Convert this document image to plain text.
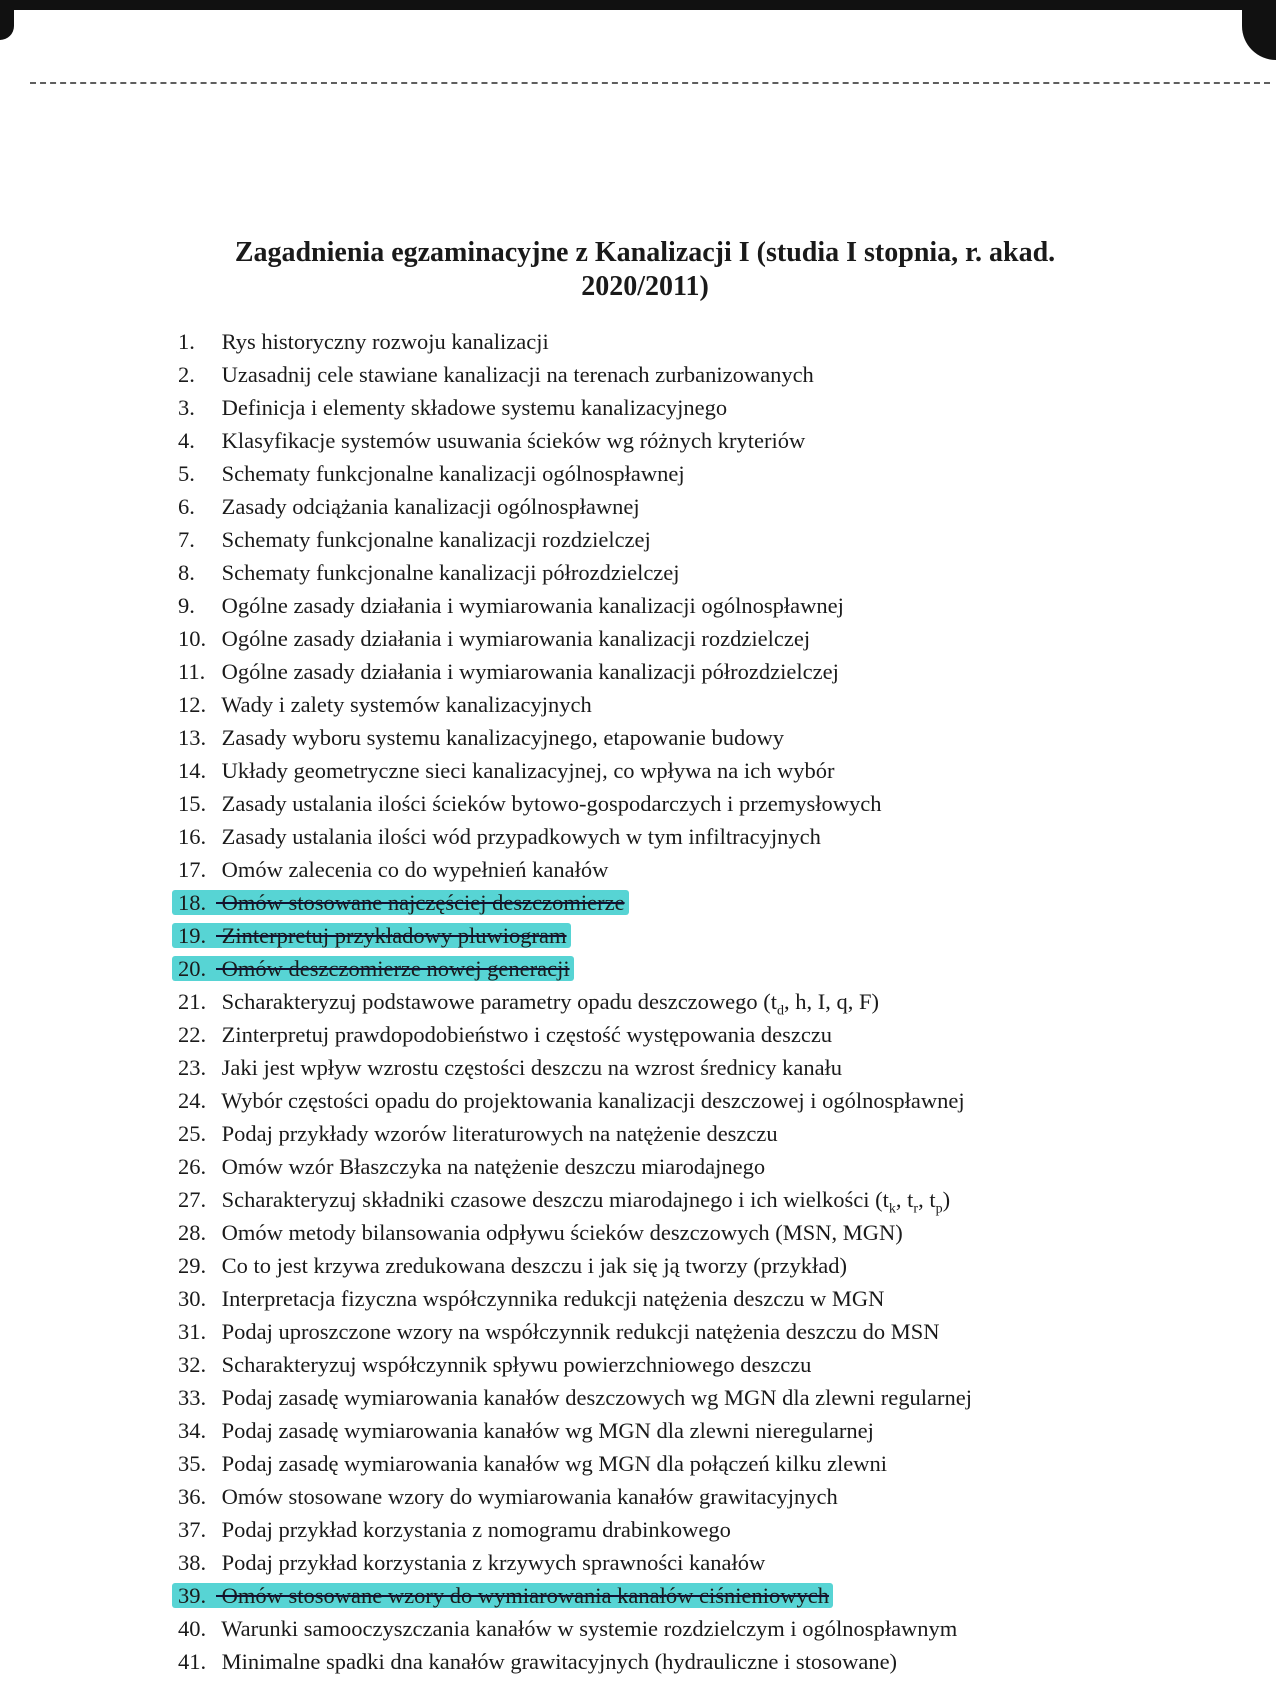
Zagadnienia egzaminacyjne z Kanalizacji I (studia I stopnia, r. akad.
2020/2011)
1. Rys historyczny rozwoju kanalizacji
2. Uzasadnij cele stawiane kanalizacji na terenach zurbanizowanych
3. Definicja i elementy składowe systemu kanalizacyjnego
4. Klasyfikacje systemów usuwania ścieków wg różnych kryteriów
5. Schematy funkcjonalne kanalizacji ogólnospławnej
6. Zasady odciążania kanalizacji ogólnospławnej
7. Schematy funkcjonalne kanalizacji rozdzielczej
8. Schematy funkcjonalne kanalizacji półrozdzielczej
9. Ogólne zasady działania i wymiarowania kanalizacji ogólnospławnej
10. Ogólne zasady działania i wymiarowania kanalizacji rozdzielczej
11. Ogólne zasady działania i wymiarowania kanalizacji półrozdzielczej
12. Wady i zalety systemów kanalizacyjnych
13. Zasady wyboru systemu kanalizacyjnego, etapowanie budowy
14. Układy geometryczne sieci kanalizacyjnej, co wpływa na ich wybór
15. Zasady ustalania ilości ścieków bytowo-gospodarczych i przemysłowych
16. Zasady ustalania ilości wód przypadkowych w tym infiltracyjnych
17. Omów zalecenia co do wypełnień kanałów
18. Omów stosowane najczęściej deszczomierze
19. Zinterpretuj przykładowy pluwiogram
20. Omów deszczomierze nowej generacji
21. Scharakteryzuj podstawowe parametry opadu deszczowego ($t_d$, h, I, q, F)
22. Zinterpretuj prawdopodobieństwo i częstość występowania deszczu
23. Jaki jest wpływ wzrostu częstości deszczu na wzrost średnicy kanału
24. Wybór częstości opadu do projektowania kanalizacji deszczowej i ogólnospławnej
25. Podaj przykłady wzorów literaturowych na natężenie deszczu
26. Omów wzór Błaszczyka na natężenie deszczu miarodajnego
27. Scharakteryzuj składniki czasowe deszczu miarodajnego i ich wielkości ($t_k$, $t_r$, $t_p$)
28. Omów metody bilansowania odpływu ścieków deszczowych (MSN, MGN)
29. Co to jest krzywa zredukowana deszczu i jak się ją tworzy (przykład)
30. Interpretacja fizyczna współczynnika redukcji natężenia deszczu w MGN
31. Podaj uproszczone wzory na współczynnik redukcji natężenia deszczu do MSN
32. Scharakteryzuj współczynnik spływu powierzchniowego deszczu
33. Podaj zasadę wymiarowania kanałów deszczowych wg MGN dla zlewni regularnej
34. Podaj zasadę wymiarowania kanałów wg MGN dla zlewni nieregularnej
35. Podaj zasadę wymiarowania kanałów wg MGN dla połączeń kilku zlewni
36. Omów stosowane wzory do wymiarowania kanałów grawitacyjnych
37. Podaj przykład korzystania z nomogramu drabinkowego
38. Podaj przykład korzystania z krzywych sprawności kanałów
39. Omów stosowane wzory do wymiarowania kanałów ciśnieniowych
40. Warunki samooczyszczania kanałów w systemie rozdzielczym i ogólnospławnym
41. Minimalne spadki dna kanałów grawitacyjnych (hydrauliczne i stosowane)
